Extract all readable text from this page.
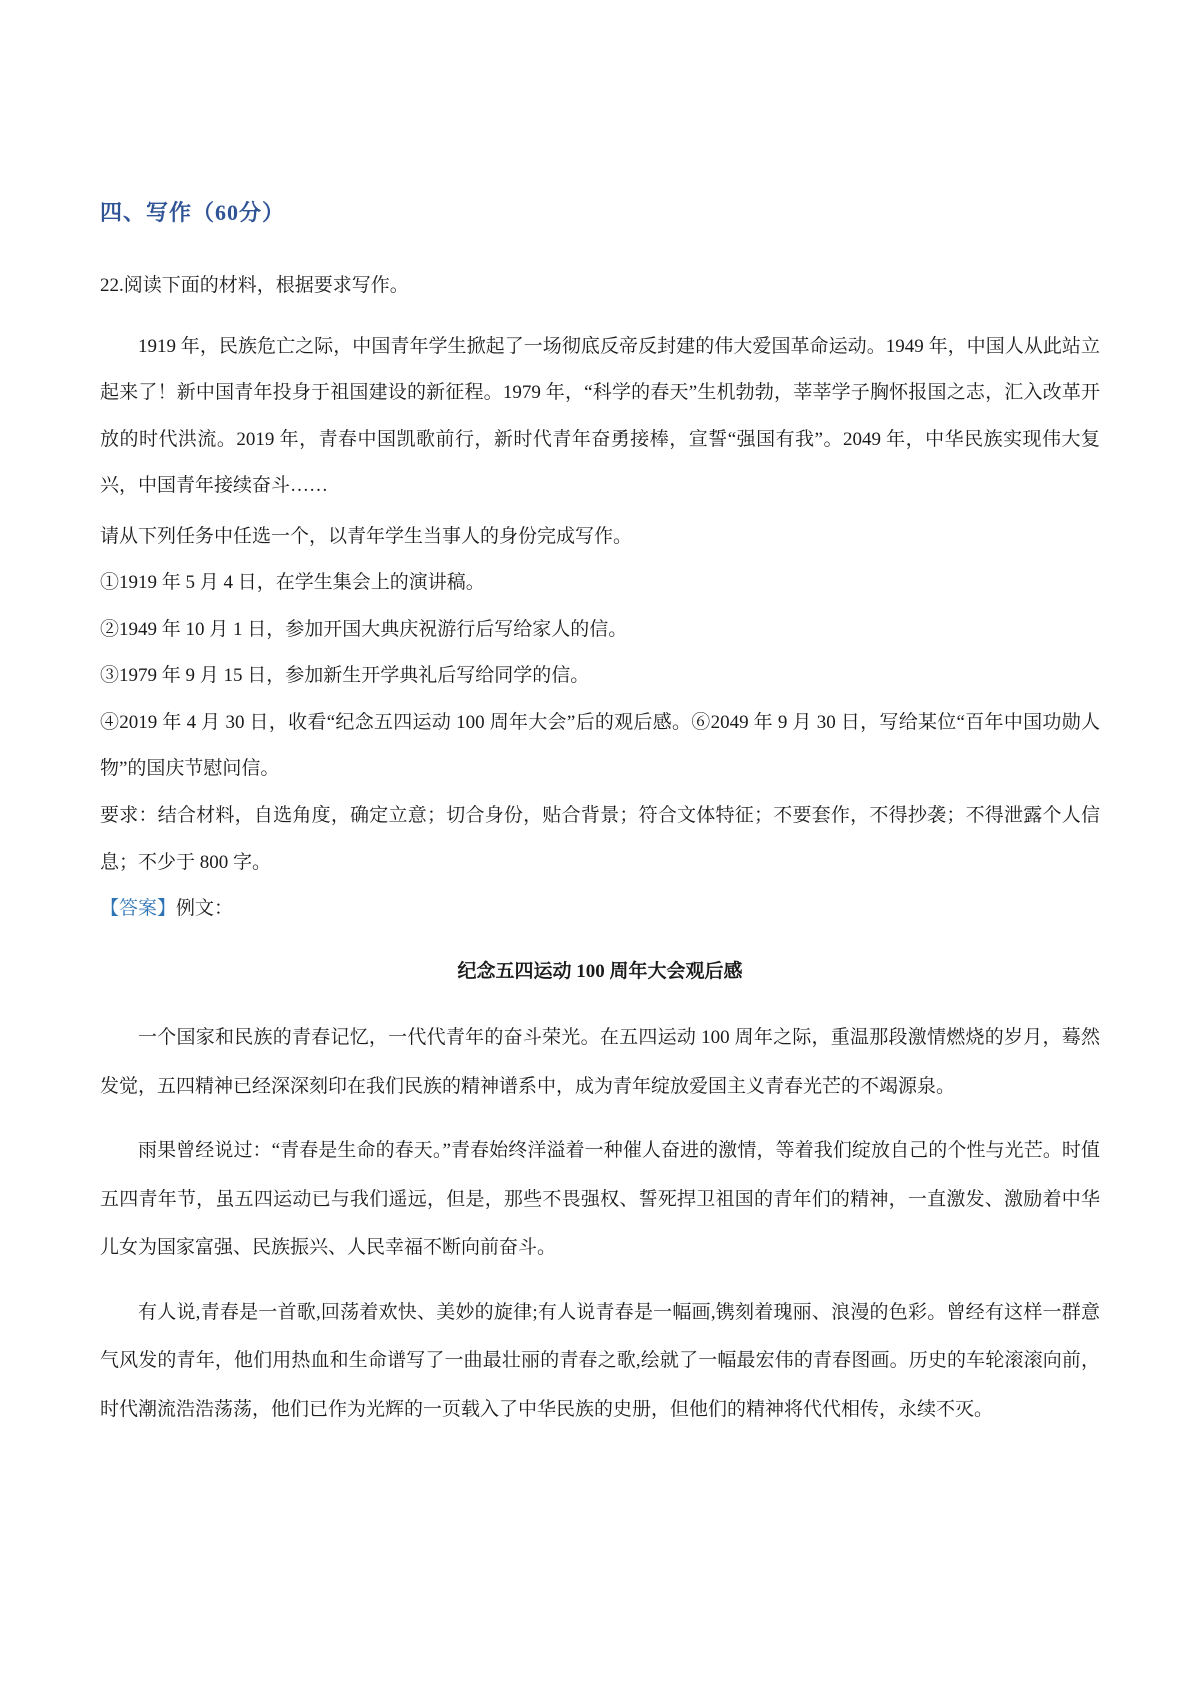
四、写作（60分）

22.阅读下面的材料，根据要求写作。

1919 年，民族危亡之际，中国青年学生掀起了一场彻底反帝反封建的伟大爱国革命运动。1949 年，中国人从此站立起来了！新中国青年投身于祖国建设的新征程。1979 年，“科学的春天”生机勃勃，莘莘学子胸怀报国之志，汇入改革开放的时代洪流。2019 年，青春中国凯歌前行，新时代青年奋勇接棒，宣誓“强国有我”。2049 年，中华民族实现伟大复兴，中国青年接续奋斗……

请从下列任务中任选一个，以青年学生当事人的身份完成写作。

①1919 年 5 月 4 日，在学生集会上的演讲稿。

②1949 年 10 月 1 日，参加开国大典庆祝游行后写给家人的信。

③1979 年 9 月 15 日，参加新生开学典礼后写给同学的信。

④2019 年 4 月 30 日，收看“纪念五四运动 100 周年大会”后的观后感。⑥2049 年 9 月 30 日，写给某位“百年中国功勋人物”的国庆节慰问信。

要求：结合材料，自选角度，确定立意；切合身份，贴合背景；符合文体特征；不要套作，不得抄袭；不得泄露个人信息；不少于 800 字。

【答案】例文：

纪念五四运动 100 周年大会观后感

一个国家和民族的青春记忆，一代代青年的奋斗荣光。在五四运动 100 周年之际，重温那段激情燃烧的岁月，蓦然发觉，五四精神已经深深刻印在我们民族的精神谱系中，成为青年绽放爱国主义青春光芒的不竭源泉。

雨果曾经说过：“青春是生命的春天。”青春始终洋溢着一种催人奋进的激情，等着我们绽放自己的个性与光芒。时值五四青年节，虽五四运动已与我们遥远，但是，那些不畏强权、誓死捍卫祖国的青年们的精神，一直激发、激励着中华儿女为国家富强、民族振兴、人民幸福不断向前奋斗。

有人说,青春是一首歌,回荡着欢快、美妙的旋律;有人说青春是一幅画,镌刻着瑰丽、浪漫的色彩。曾经有这样一群意气风发的青年，他们用热血和生命谱写了一曲最壮丽的青春之歌,绘就了一幅最宏伟的青春图画。历史的车轮滚滚向前，时代潮流浩浩荡荡，他们已作为光辉的一页载入了中华民族的史册，但他们的精神将代代相传，永续不灭。
